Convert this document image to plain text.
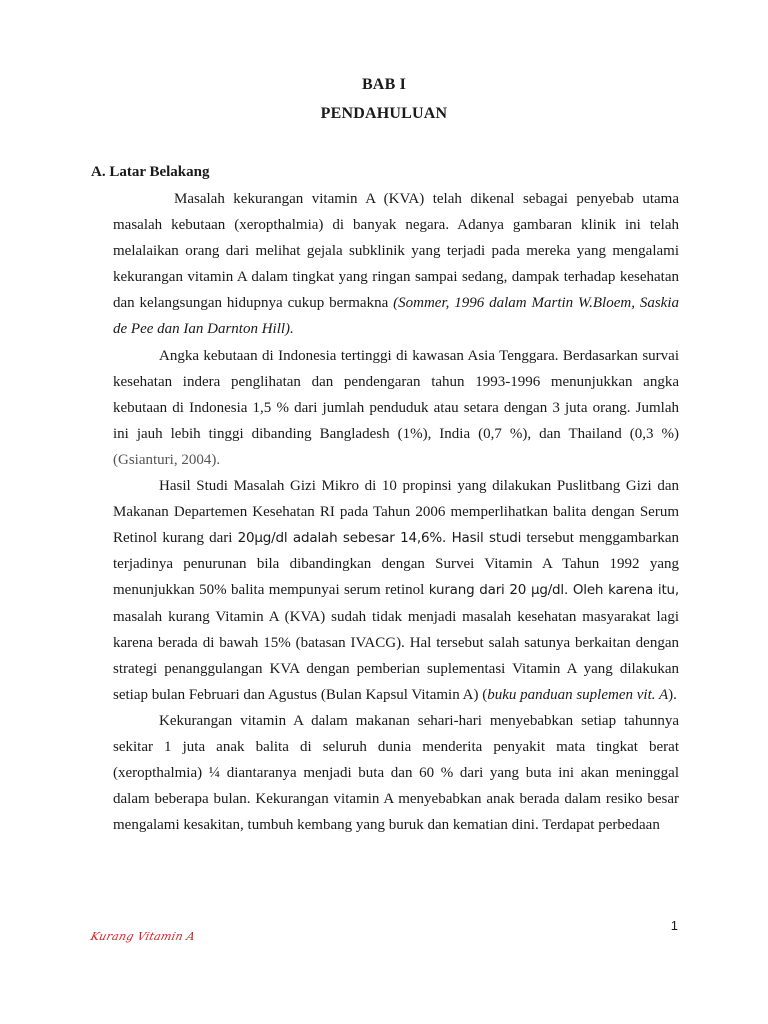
BAB I
PENDAHULUAN
A. Latar Belakang

Masalah kekurangan vitamin A (KVA) telah dikenal sebagai penyebab utama masalah kebutaan (xeropthalmia) di banyak negara. Adanya gambaran klinik ini telah melalaikan orang dari melihat gejala subklinik yang terjadi pada mereka yang mengalami kekurangan vitamin A dalam tingkat yang ringan sampai sedang, dampak terhadap kesehatan dan kelangsungan hidupnya cukup bermakna (Sommer, 1996 dalam Martin W.Bloem, Saskia de Pee dan Ian Darnton Hill).

Angka kebutaan di Indonesia tertinggi di kawasan Asia Tenggara. Berdasarkan survai kesehatan indera penglihatan dan pendengaran tahun 1993-1996 menunjukkan angka kebutaan di Indonesia 1,5 % dari jumlah penduduk atau setara dengan 3 juta orang. Jumlah ini jauh lebih tinggi dibanding Bangladesh (1%), India (0,7 %), dan Thailand (0,3 %) (Gsianturi, 2004).

Hasil Studi Masalah Gizi Mikro di 10 propinsi yang dilakukan Puslitbang Gizi dan Makanan Departemen Kesehatan RI pada Tahun 2006 memperlihatkan balita dengan Serum Retinol kurang dari 20μg/dl adalah sebesar 14,6%. Hasil studi tersebut menggambarkan terjadinya penurunan bila dibandingkan dengan Survei Vitamin A Tahun 1992 yang menunjukkan 50% balita mempunyai serum retinol kurang dari 20 μg/dl. Oleh karena itu, masalah kurang Vitamin A (KVA) sudah tidak menjadi masalah kesehatan masyarakat lagi karena berada di bawah 15% (batasan IVACG). Hal tersebut salah satunya berkaitan dengan strategi penanggulangan KVA dengan pemberian suplementasi Vitamin A yang dilakukan setiap bulan Februari dan Agustus (Bulan Kapsul Vitamin A) (buku panduan suplemen vit. A).

Kekurangan vitamin A dalam makanan sehari-hari menyebabkan setiap tahunnya sekitar 1 juta anak balita di seluruh dunia menderita penyakit mata tingkat berat (xeropthalmia) ¼ diantaranya menjadi buta dan 60 % dari yang buta ini akan meninggal dalam beberapa bulan. Kekurangan vitamin A menyebabkan anak berada dalam resiko besar mengalami kesakitan, tumbuh kembang yang buruk dan kematian dini. Terdapat perbedaan

1
Kurang Vitamin A
